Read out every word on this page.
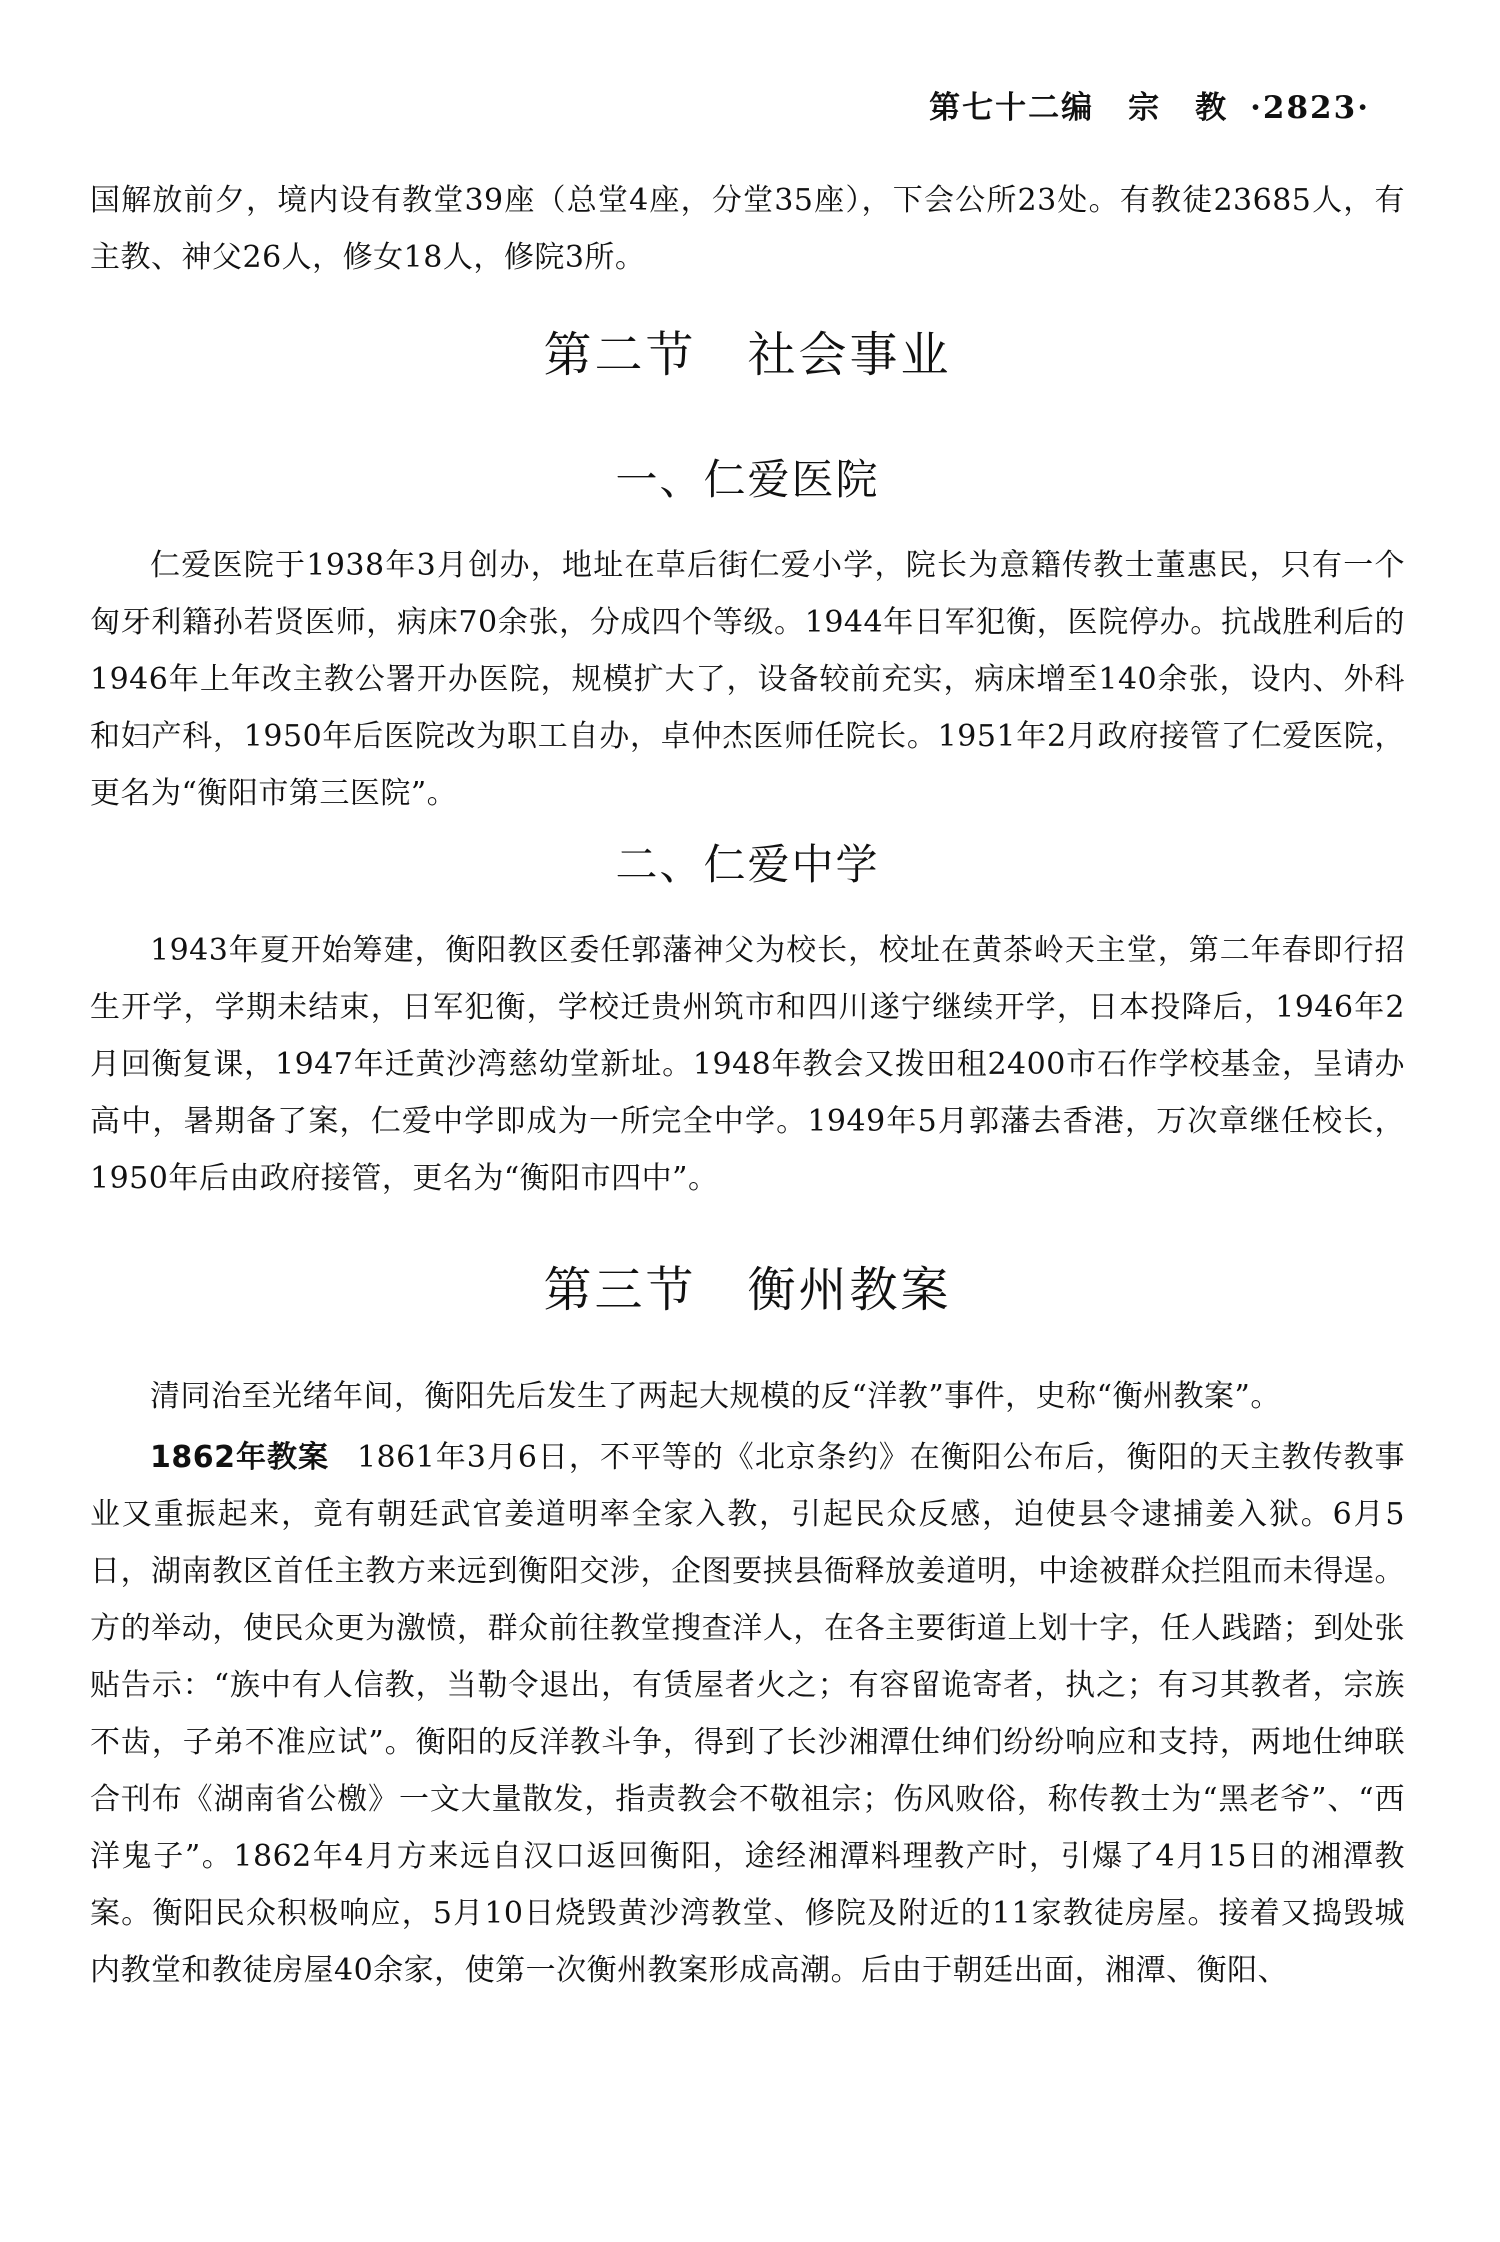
第七十二编 宗 教 ·2823·

国解放前夕，境内设有教堂39座（总堂4座，分堂35座），下会公所23处。有教徒23685人，有主教、神父26人，修女18人，修院3所。

第二节　社会事业
一、仁爱医院

仁爱医院于1938年3月创办，地址在草后街仁爱小学，院长为意籍传教士董惠民，只有一个匈牙利籍孙若贤医师，病床70余张，分成四个等级。1944年日军犯衡，医院停办。抗战胜利后的1946年上年改主教公署开办医院，规模扩大了，设备较前充实，病床增至140余张，设内、外科和妇产科，1950年后医院改为职工自办，卓仲杰医师任院长。1951年2月政府接管了仁爱医院，更名为“衡阳市第三医院”。

二、仁爱中学

1943年夏开始筹建，衡阳教区委任郭藩神父为校长，校址在黄茶岭天主堂，第二年春即行招生开学，学期未结束，日军犯衡，学校迁贵州筑市和四川遂宁继续开学，日本投降后，1946年2月回衡复课，1947年迁黄沙湾慈幼堂新址。1948年教会又拨田租2400市石作学校基金，呈请办高中，暑期备了案，仁爱中学即成为一所完全中学。1949年5月郭藩去香港，万次章继任校长，1950年后由政府接管，更名为“衡阳市四中”。

第三节　衡州教案

清同治至光绪年间，衡阳先后发生了两起大规模的反“洋教”事件，史称“衡州教案”。

1862年教案 1861年3月6日，不平等的《北京条约》在衡阳公布后，衡阳的天主教传教事业又重振起来，竟有朝廷武官姜道明率全家入教，引起民众反感，迫使县令逮捕姜入狱。6月5日，湖南教区首任主教方来远到衡阳交涉，企图要挟县衙释放姜道明，中途被群众拦阻而未得逞。方的举动，使民众更为激愤，群众前往教堂搜查洋人，在各主要街道上划十字，任人践踏；到处张贴告示：“族中有人信教，当勒令退出，有赁屋者火之；有容留诡寄者，执之；有习其教者，宗族不齿，子弟不准应试”。衡阳的反洋教斗争，得到了长沙湘潭仕绅们纷纷响应和支持，两地仕绅联合刊布《湖南省公檄》一文大量散发，指责教会不敬祖宗；伤风败俗，称传教士为“黑老爷”、“西洋鬼子”。1862年4月方来远自汉口返回衡阳，途经湘潭料理教产时，引爆了4月15日的湘潭教案。衡阳民众积极响应，5月10日烧毁黄沙湾教堂、修院及附近的11家教徒房屋。接着又捣毁城内教堂和教徒房屋40余家，使第一次衡州教案形成高潮。后由于朝廷出面，湘潭、衡阳、
